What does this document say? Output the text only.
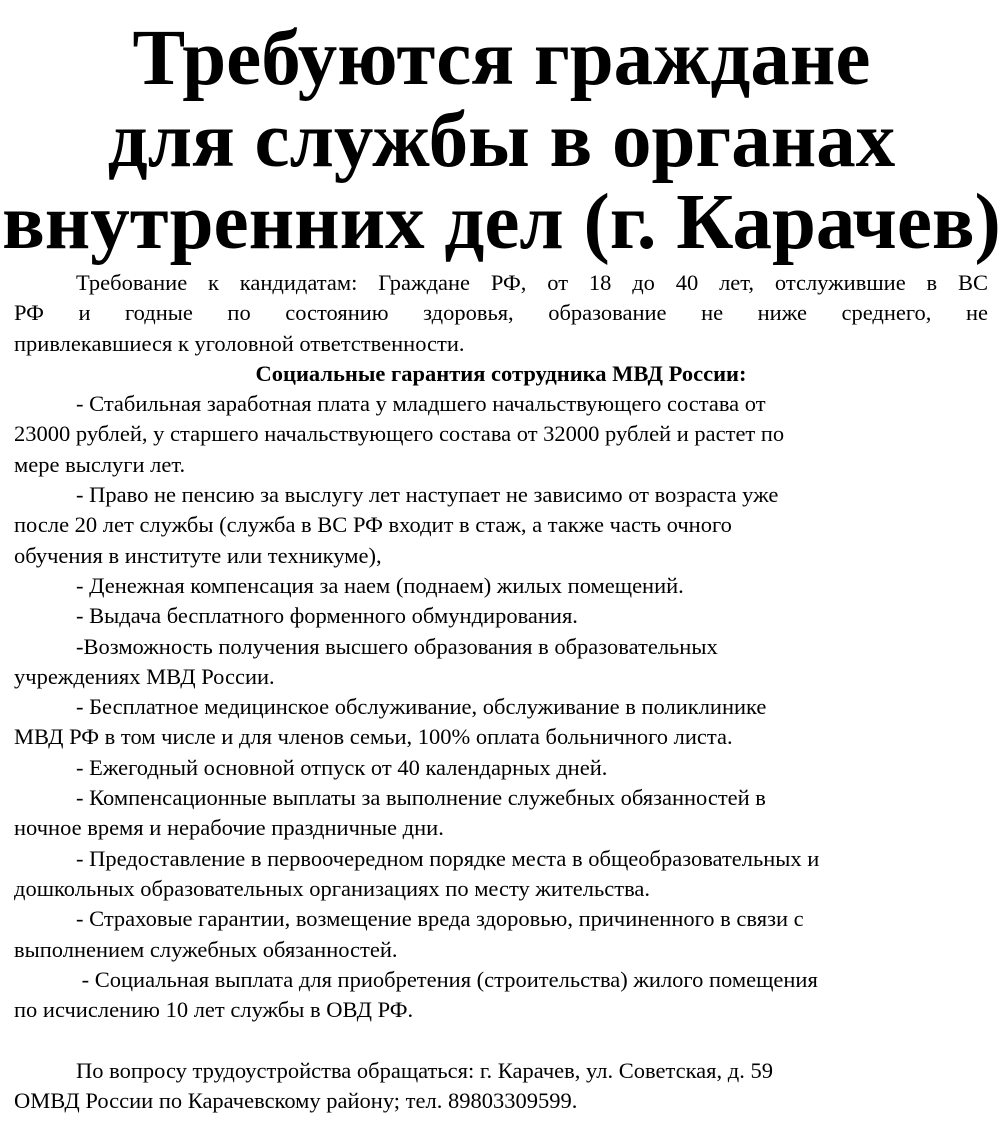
Требуются граждане
для службы в органах
внутренних дел (г. Карачев)
Требование к кандидатам: Граждане РФ, от 18 до 40 лет, отслужившие в ВС
РФ и годные по состоянию здоровья, образование не ниже среднего, не
привлекавшиеся к уголовной ответственности.
Социальные гарантия сотрудника МВД России:
- Стабильная заработная плата у младшего начальствующего состава от
23000 рублей, у старшего начальствующего состава от 32000 рублей и растет по
мере выслуги лет.
- Право не пенсию за выслугу лет наступает не зависимо от возраста уже
после 20 лет службы (служба в ВС РФ входит в стаж, а также часть очного
обучения в институте или техникуме),
- Денежная компенсация за наем (поднаем) жилых помещений.
- Выдача бесплатного форменного обмундирования.
-Возможность получения высшего образования в образовательных
учреждениях МВД России.
- Бесплатное медицинское обслуживание, обслуживание в поликлинике
МВД РФ в том числе и для членов семьи, 100% оплата больничного листа.
- Ежегодный основной отпуск от 40 календарных дней.
- Компенсационные выплаты за выполнение служебных обязанностей в
ночное время и нерабочие праздничные дни.
- Предоставление в первоочередном порядке места в общеобразовательных и
дошкольных образовательных организациях по месту жительства.
- Страховые гарантии, возмещение вреда здоровью, причиненного в связи с
выполнением служебных обязанностей.
- Социальная выплата для приобретения (строительства) жилого помещения
по исчислению 10 лет службы в ОВД РФ.
По вопросу трудоустройства обращаться: г. Карачев, ул. Советская, д. 59
ОМВД России по Карачевскому району; тел. 89803309599.
